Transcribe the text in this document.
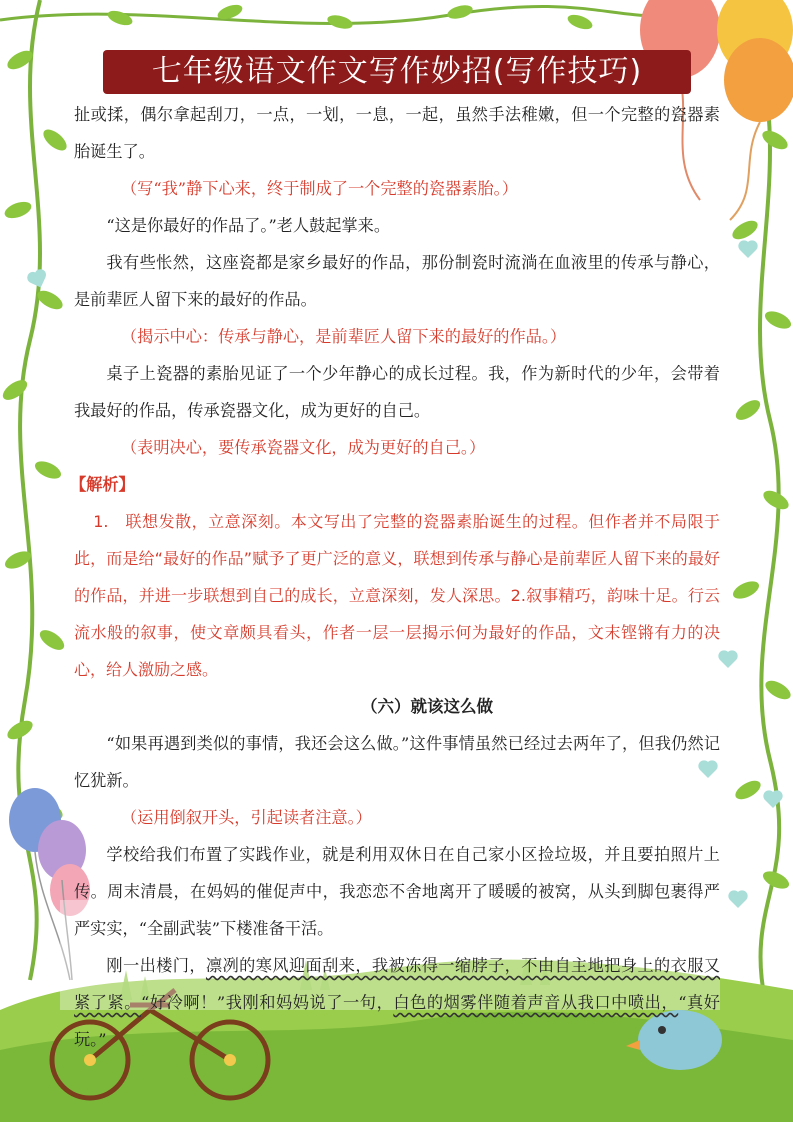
七年级语文作文写作妙招(写作技巧)

扯或揉，偶尔拿起刮刀，一点，一划，一息，一起，虽然手法稚嫩，但一个完整的瓷器素胎诞生了。

（写“我”静下心来，终于制成了一个完整的瓷器素胎。）

“这是你最好的作品了。”老人鼓起掌来。

我有些怅然，这座瓷都是家乡最好的作品，那份制瓷时流淌在血液里的传承与静心，是前辈匠人留下来的最好的作品。

（揭示中心：传承与静心，是前辈匠人留下来的最好的作品。）

桌子上瓷器的素胎见证了一个少年静心的成长过程。我，作为新时代的少年，会带着我最好的作品，传承瓷器文化，成为更好的自己。

（表明决心，要传承瓷器文化，成为更好的自己。）

【解析】

1.　联想发散，立意深刻。本文写出了完整的瓷器素胎诞生的过程。但作者并不局限于此，而是给“最好的作品”赋予了更广泛的意义，联想到传承与静心是前辈匠人留下来的最好的作品，并进一步联想到自己的成长，立意深刻，发人深思。2.叙事精巧，韵味十足。行云流水般的叙事，使文章颇具看头，作者一层一层揭示何为最好的作品，文末铿锵有力的决心，给人激励之感。

（六）就该这么做

“如果再遇到类似的事情，我还会这么做。”这件事情虽然已经过去两年了，但我仍然记忆犹新。

（运用倒叙开头，引起读者注意。）

学校给我们布置了实践作业，就是利用双休日在自己家小区捡垃圾，并且要拍照片上传。周末清晨，在妈妈的催促声中，我恋恋不舍地离开了暖暖的被窝，从头到脚包裹得严严实实，“全副武装”下楼准备干活。

刚一出楼门，凛冽的寒风迎面刮来，我被冻得一缩脖子，不由自主地把身上的衣服又紧了紧。“好冷啊！”我刚和妈妈说了一句，白色的烟雾伴随着声音从我口中喷出，“真好玩。”
